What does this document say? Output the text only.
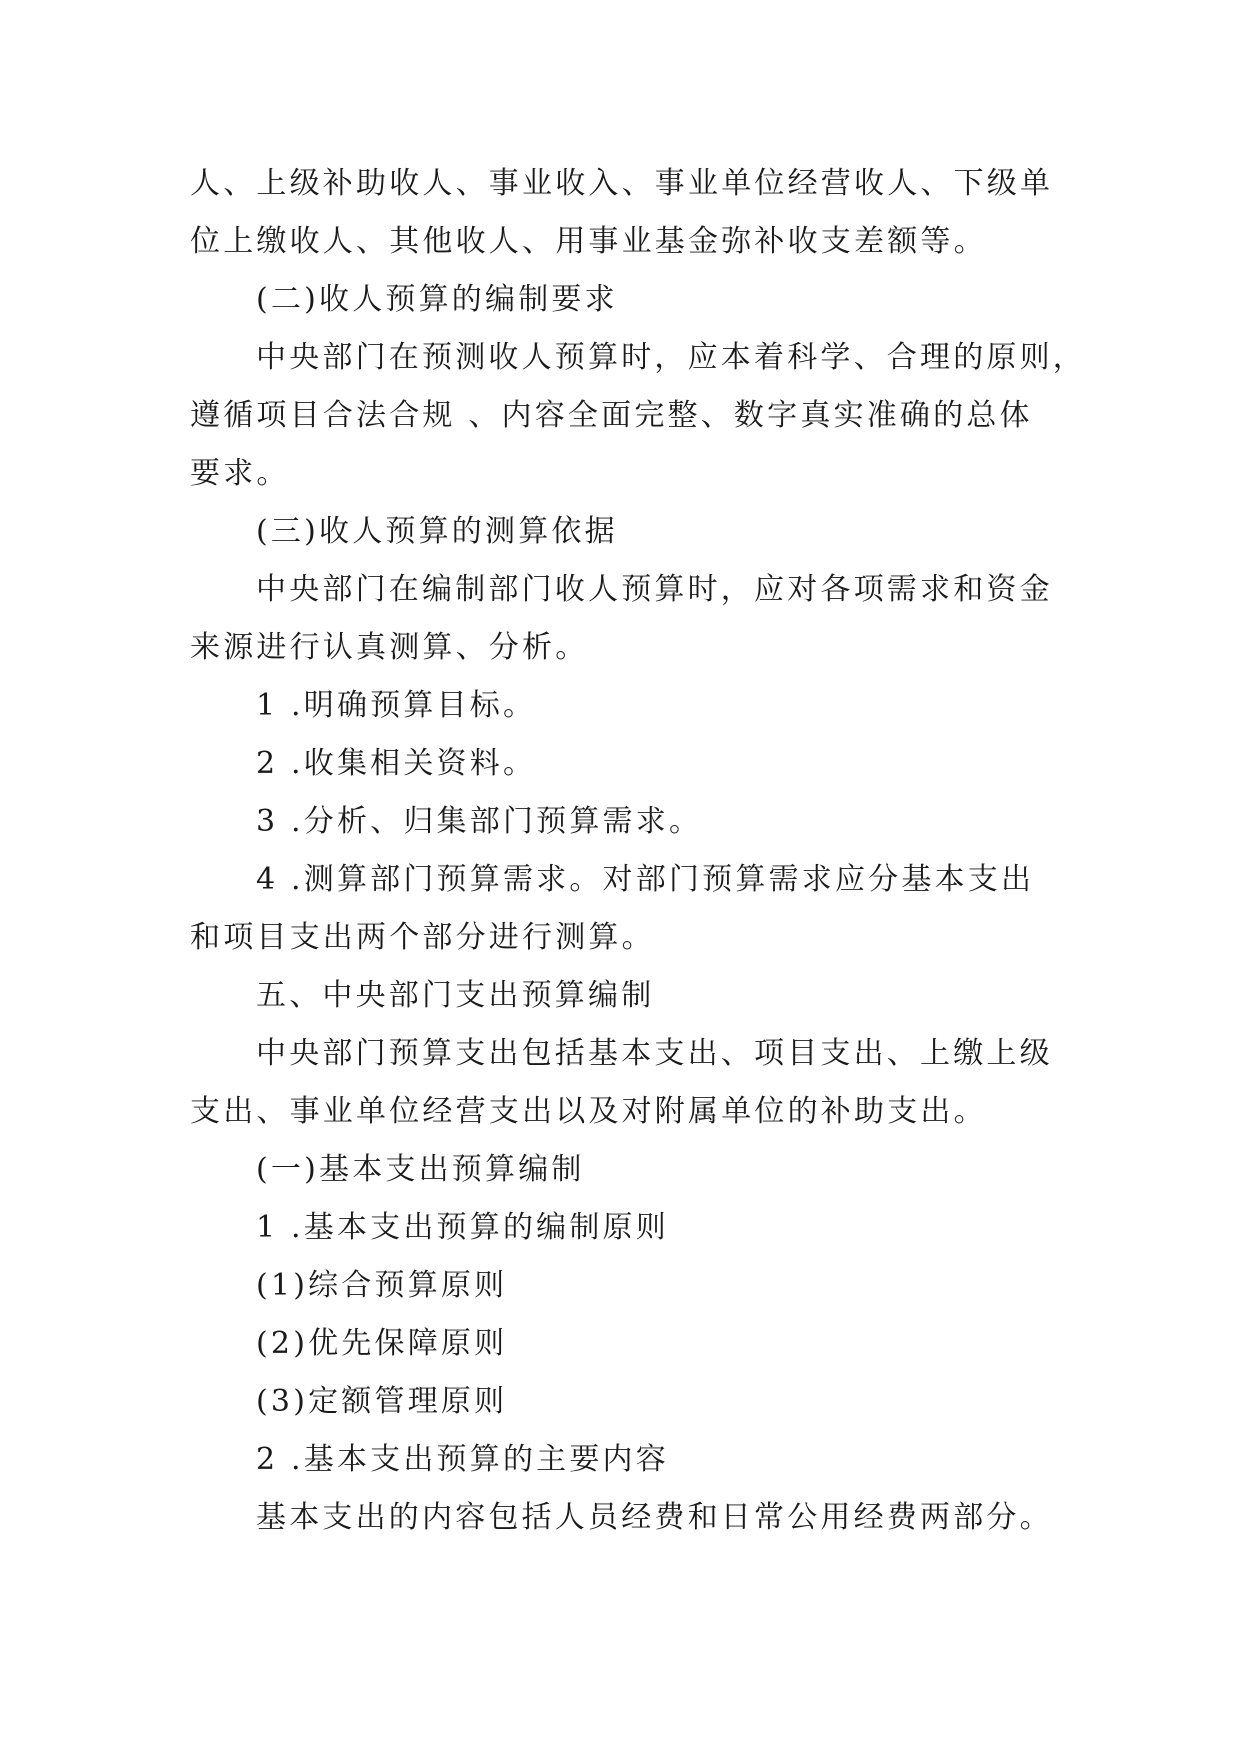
人、上级补助收人、事业收入、事业单位经营收人、下级单
位上缴收人、其他收人、用事业基金弥补收支差额等。
(二)收人预算的编制要求
中央部门在预测收人预算时，应本着科学、合理的原则，
遵循项目合法合规 、内容全面完整、数字真实准确的总体
要求。
(三)收人预算的测算依据
中央部门在编制部门收人预算时，应对各项需求和资金
来源进行认真测算、分析。
1 .明确预算目标。
2 .收集相关资料。
3 .分析、归集部门预算需求。
4 .测算部门预算需求。对部门预算需求应分基本支出
和项目支出两个部分进行测算。
五、中央部门支出预算编制
中央部门预算支出包括基本支出、项目支出、上缴上级
支出、事业单位经营支出以及对附属单位的补助支出。
(一)基本支出预算编制
1 .基本支出预算的编制原则
(1)综合预算原则
(2)优先保障原则
(3)定额管理原则
2 .基本支出预算的主要内容
基本支出的内容包括人员经费和日常公用经费两部分。
